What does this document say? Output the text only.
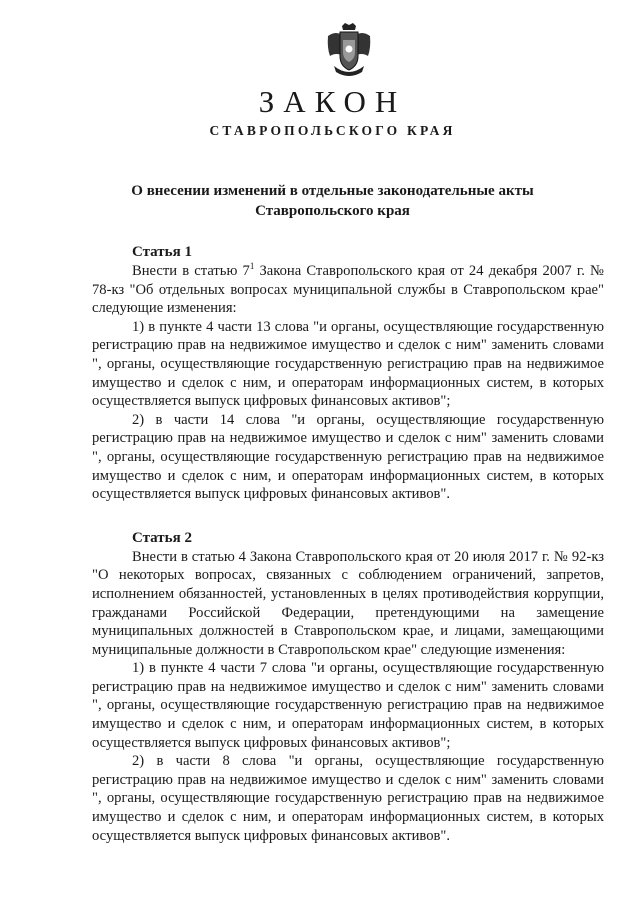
ЗАКОН
СТАВРОПОЛЬСКОГО КРАЯ
О внесении изменений в отдельные законодательные акты
Ставропольского края
Статья 1

Внести в статью $7^1$ Закона Ставропольского края от 24 декабря 2007 г. № 78-кз "Об отдельных вопросах муниципальной службы в Ставропольском крае" следующие изменения:

1) в пункте 4 части 13 слова "и органы, осуществляющие государственную регистрацию прав на недвижимое имущество и сделок с ним" заменить словами ", органы, осуществляющие государственную регистрацию прав на недвижимое имущество и сделок с ним, и операторам информационных систем, в которых осуществляется выпуск цифровых финансовых активов";

2) в части 14 слова "и органы, осуществляющие государственную регистрацию прав на недвижимое имущество и сделок с ним" заменить словами ", органы, осуществляющие государственную регистрацию прав на недвижимое имущество и сделок с ним, и операторам информационных систем, в которых осуществляется выпуск цифровых финансовых активов".

Статья 2

Внести в статью 4 Закона Ставропольского края от 20 июля 2017 г. № 92-кз "О некоторых вопросах, связанных с соблюдением ограничений, запретов, исполнением обязанностей, установленных в целях противодействия коррупции, гражданами Российской Федерации, претендующими на замещение муниципальных должностей в Ставропольском крае, и лицами, замещающими муниципальные должности в Ставропольском крае" следующие изменения:

1) в пункте 4 части 7 слова "и органы, осуществляющие государственную регистрацию прав на недвижимое имущество и сделок с ним" заменить словами ", органы, осуществляющие государственную регистрацию прав на недвижимое имущество и сделок с ним, и операторам информационных систем, в которых осуществляется выпуск цифровых финансовых активов";

2) в части 8 слова "и органы, осуществляющие государственную регистрацию прав на недвижимое имущество и сделок с ним" заменить словами ", органы, осуществляющие государственную регистрацию прав на недвижимое имущество и сделок с ним, и операторам информационных систем, в которых осуществляется выпуск цифровых финансовых активов".
